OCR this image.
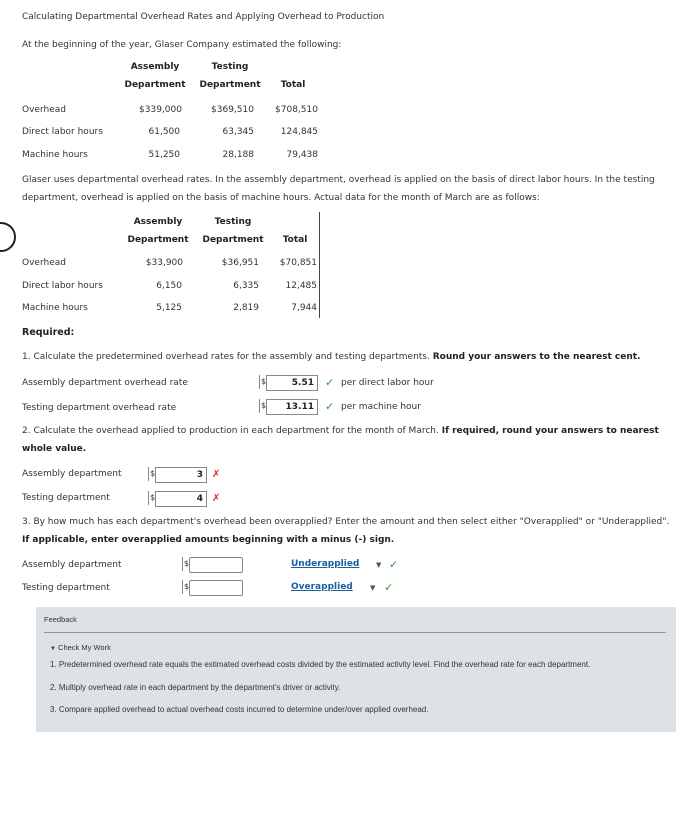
Calculating Departmental Overhead Rates and Applying Overhead to Production
At the beginning of the year, Glaser Company estimated the following:
Assembly
Department
Testing
Department	Total
Overhead	$339,000	$369,510	$708,510
Direct labor hours	61,500	63,345	124,845
Machine hours	51,250	28,188	79,438
Glaser uses departmental overhead rates. In the assembly department, overhead is applied on the basis of direct labor hours. In the testing
department, overhead is applied on the basis of machine hours. Actual data for the month of March are as follows:
Assembly
Department
Testing
Department	Total
Overhead	$33,900	$36,951	$70,851
Direct labor hours	6,150	6,335	12,485
Machine hours	5,125	2,819	7,944
Required:
1. Calculate the predetermined overhead rates for the assembly and testing departments. Round your answers to the nearest cent.
Assembly department overhead rate	$	5.51	✓ per direct labor hour
Testing department overhead rate	$	13.11	✓ per machine hour
2. Calculate the overhead applied to production in each department for the month of March. If required, round your answers to nearest
whole value.
Assembly department	$	3 ✗
Testing department	$	4 ✗
3. By how much has each department's overhead been overapplied? Enter the amount and then select either "Overapplied" or "Underapplied".
If applicable, enter overapplied amounts beginning with a minus (-) sign.
Assembly department	$	Underapplied	▼ ✓
Testing department	$	Overapplied	▼ ✓
Feedback
▼ Check My Work
1. Predetermined overhead rate equals the estimated overhead costs divided by the estimated activity level. Find the overhead rate for each department.
2. Multiply overhead rate in each department by the department's driver or activity.
3. Compare applied overhead to actual overhead costs incurred to determine under/over applied overhead.
